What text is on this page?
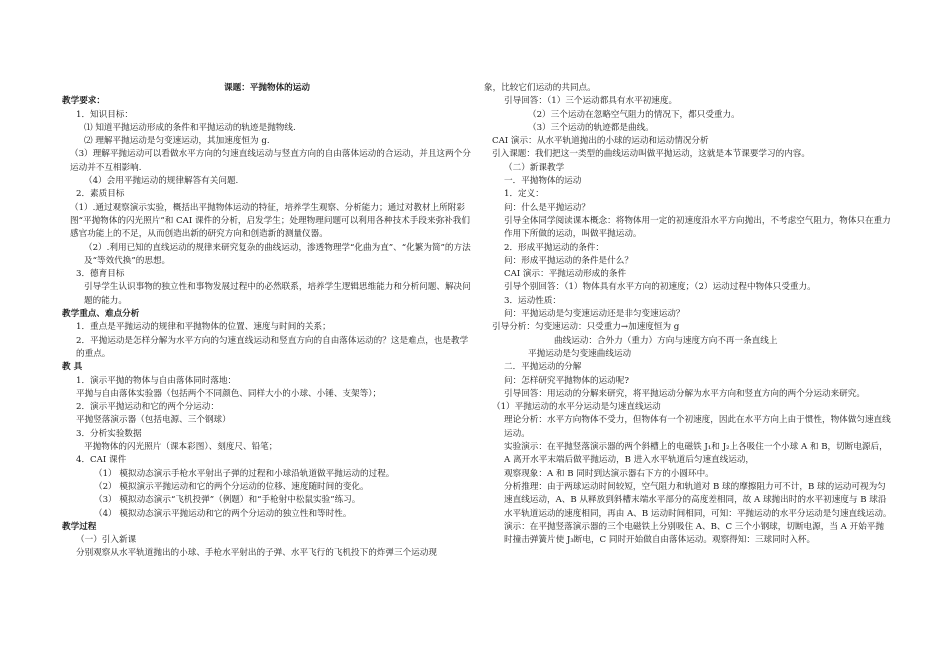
课题：平抛物体的运动
教学要求：
1．知识目标：
⑴ 知道平抛运动形成的条件和平抛运动的轨迹是抛物线.
⑵ 理解平抛运动是匀变速运动，其加速度恒为 g.
（3）理解平抛运动可以看做水平方向的匀速直线运动与竖直方向的自由落体运动的合运动，并且这两个分运动并不互相影响.
（4）会用平抛运动的规律解答有关问题.
2．素质目标
（1）.通过观察演示实验，概括出平抛物体运动的特征，培养学生观察、分析能力；通过对教材上所附彩图“平抛物体的闪光照片”和 CAI 课件的分析，启发学生；处理物理问题可以利用各种技术手段来弥补我们感官功能上的不足，从而创造出新的研究方向和创造新的测量仪器。
（2）.利用已知的直线运动的规律来研究复杂的曲线运动，渗透物理学“化曲为直”、“化繁为简”的方法及“等效代换”的思想。
3．德育目标
引导学生认识事物的独立性和事物发展过程中的必然联系，培养学生逻辑思维能力和分析问题、解决问题的能力。
教学重点、难点分析
1．重点是平抛运动的规律和平抛物体的位置、速度与时间的关系；
2．平抛运动是怎样分解为水平方向的匀速直线运动和竖直方向的自由落体运动的？这是难点，也是教学的重点。
教 具
1．演示平抛的物体与自由落体同时落地：
平抛与自由落体实验器（包括两个不同颜色、同样大小的小球、小锤、支架等）；
2．演示平抛运动和它的两个分运动：
平抛竖落演示器（包括电源、三个钢球）
3．分析实验数据
平抛物体的闪光照片（课本彩图）、刻度尺、铅笔；
4．CAI 课件
（1） 模拟动态演示手枪水平射出子弹的过程和小球沿轨道做平抛运动的过程。
（2） 模拟演示平抛运动和它的两个分运动的位移、速度随时间的变化。
（3） 模拟动态演示“飞机投弹”（例题）和“手枪射中松鼠实验”练习。
（4） 模拟动态演示平抛运动和它的两个分运动的独立性和等时性。
教学过程
（一）引入新课
分别观察从水平轨道抛出的小球、手枪水平射出的子弹、水平飞行的飞机投下的炸弹三个运动现
象，比较它们运动的共同点。
引导回答：（1）三个运动都具有水平初速度。
（2）三个运动在忽略空气阻力的情况下，都只受重力。
（3）三个运动的轨迹都是曲线。
CAI 演示：从水平轨道抛出的小球的运动和运动情况分析
引入课题：我们把这一类型的曲线运动叫做平抛运动，这就是本节课要学习的内容。
（二）新课教学
一．平抛物体的运动
1．定义：
问：什么是平抛运动？
引导全体同学阅读课本概念：将物体用一定的初速度沿水平方向抛出，不考虑空气阻力，物体只在重力作用下所做的运动，叫做平抛运动。
2．形成平抛运动的条件：
问：形成平抛运动的条件是什么？
CAI 演示：平抛运动形成的条件
引导个别回答：（1）物体具有水平方向的初速度；（2）运动过程中物体只受重力。
3．运动性质：
问：平抛运动是匀变速运动还是非匀变速运动？
引导分析：匀变速运动：只受重力→加速度恒为 g
曲线运动：合外力（重力）方向与速度方向不再一条直线上
平抛运动是匀变速曲线运动
二．平抛运动的分解
问：怎样研究平抛物体的运动呢?
引导回答：用运动的分解来研究，将平抛运动分解为水平方向和竖直方向的两个分运动来研究。
（1）平抛运动的水平分运动是匀速直线运动
理论分析：水平方向物体不受力，但物体有一个初速度，因此在水平方向上由于惯性，物体做匀速直线运动。
实验演示：在平抛竖落演示器的两个斜槽上的电磁铁 J₁和 J₂上各吸住一个小球 A 和 B，切断电源后，A 离开水平末端后做平抛运动，B 进入水平轨道后匀速直线运动，
观察现象：A 和 B 同时到达演示器右下方的小圆环中。
分析推理：由于两球运动时间较短，空气阻力和轨道对 B 球的摩擦阻力可不计，B 球的运动可视为匀速直线运动，A、B 从释放到斜槽末端水平部分的高度差相同，故 A 球抛出时的水平初速度与 B 球沿水平轨道运动的速度相同，再由 A、B 运动时间相同，可知：平抛运动的水平分运动是匀速直线运动。
演示：在平抛竖落演示器的三个电磁铁上分别吸住 A、B、C 三个小钢球，切断电源，当 A 开始平抛时撞击弹簧片使 J₃断电，C 同时开始做自由落体运动。观察得知：三球同时入杯。
